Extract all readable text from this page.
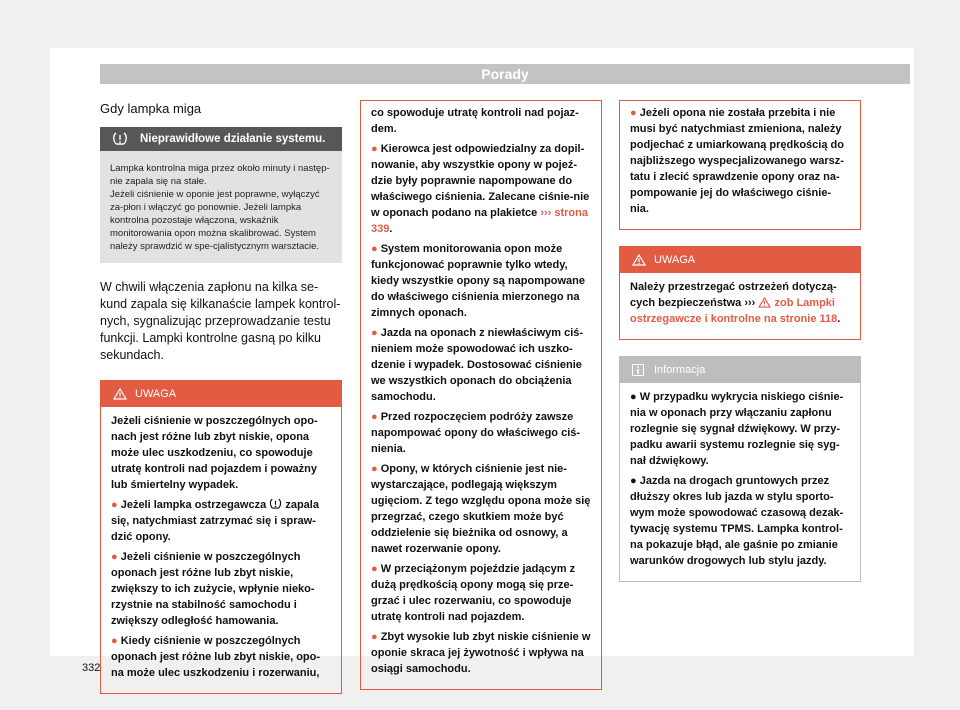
Porady
Gdy lampka miga
Nieprawidłowe działanie systemu.

Lampka kontrolna miga przez około minuty i następ-nie zapala się na stałe.
Jeżeli ciśnienie w oponie jest poprawne, wyłączyć za-płon i włączyć go ponownie. Jeżeli lampka kontrolna pozostaje włączona, wskaźnik monitorowania opon można skalibrować. System należy sprawdzić w spe-cjalistycznym warsztacie.

W chwili włączenia zapłonu na kilka se-kund zapala się kilkanaście lampek kontrol-nych, sygnalizując przeprowadzanie testu funkcji. Lampki kontrolne gasną po kilku sekundach.

UWAGA

Jeżeli ciśnienie w poszczególnych opo-nach jest różne lub zbyt niskie, opona może ulec uszkodzeniu, co spowoduje utratę kontroli nad pojazdem i poważny lub śmiertelny wypadek.

● Jeżeli lampka ostrzegawcza zapala się, natychmiast zatrzymać się i spraw-dzić opony.

● Jeżeli ciśnienie w poszczególnych oponach jest różne lub zbyt niskie, zwiększy to ich zużycie, wpłynie nieko-rzystnie na stabilność samochodu i zwiększy odległość hamowania.

● Kiedy ciśnienie w poszczególnych oponach jest różne lub zbyt niskie, opo-na może ulec uszkodzeniu i rozerwaniu,

co spowoduje utratę kontroli nad pojaz-dem.

● Kierowca jest odpowiedzialny za dopil-nowanie, aby wszystkie opony w pojeź-dzie były poprawnie napompowane do właściwego ciśnienia. Zalecane ciśnie-nie w oponach podano na plakietce ››› strona 339.

● System monitorowania opon może funkcjonować poprawnie tylko wtedy, kiedy wszystkie opony są napompowane do właściwego ciśnienia mierzonego na zimnych oponach.

● Jazda na oponach z niewłaściwym ciś-nieniem może spowodować ich uszko-dzenie i wypadek. Dostosować ciśnienie we wszystkich oponach do obciążenia samochodu.

● Przed rozpoczęciem podróży zawsze napompować opony do właściwego ciś-nienia.

● Opony, w których ciśnienie jest nie-wystarczające, podlegają większym ugięciom. Z tego względu opona może się przegrzać, czego skutkiem może być oddzielenie się bieżnika od osnowy, a nawet rozerwanie opony.

● W przeciążonym pojeździe jadącym z dużą prędkością opony mogą się prze-grzać i ulec rozerwaniu, co spowoduje utratę kontroli nad pojazdem.

● Zbyt wysokie lub zbyt niskie ciśnienie w oponie skraca jej żywotność i wpływa na osiągi samochodu.

● Jeżeli opona nie została przebita i nie musi być natychmiast zmieniona, należy podjechać z umiarkowaną prędkością do najbliższego wyspecjalizowanego warsz-tatu i zlecić sprawdzenie opony oraz na-pompowanie jej do właściwego ciśnie-nia.

UWAGA

Należy przestrzegać ostrzeżeń dotyczą-cych bezpieczeństwa ››› zob Lampki ostrzegawcze i kontrolne na stronie 118.

Informacja

● W przypadku wykrycia niskiego ciśnie-nia w oponach przy włączaniu zapłonu rozlegnie się sygnał dźwiękowy. W przy-padku awarii systemu rozlegnie się syg-nał dźwiękowy.

● Jazda na drogach gruntowych przez dłuższy okres lub jazda w stylu sporto-wym może spowodować czasową dezak-tywację systemu TPMS. Lampka kontrol-na pokazuje błąd, ale gaśnie po zmianie warunków drogowych lub stylu jazdy.

332
